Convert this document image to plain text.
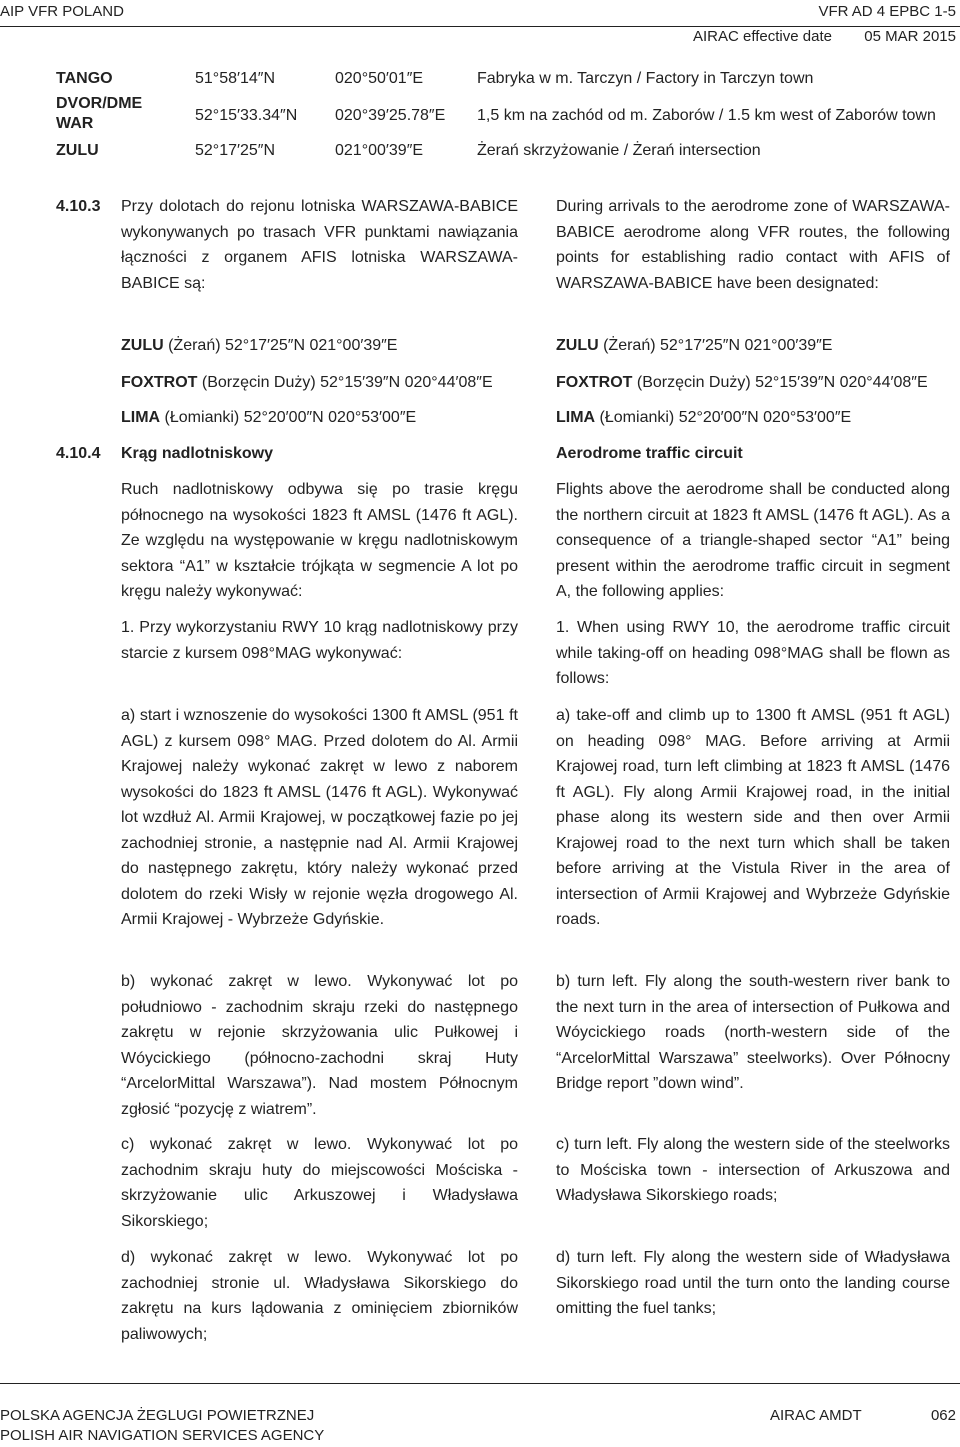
AIP VFR POLAND	VFR AD 4 EPBC 1-5
AIRAC effective date 05 MAR 2015
TANGO	51°58′14″N	020°50′01″E	Fabryka w m. Tarczyn / Factory in Tarczyn town
DVOR/DME WAR	52°15′33.34″N 020°39′25.78″E 1,5 km na zachód od m. Zaborów / 1.5 km west of Zaborów town
ZULU	52°17′25″N	021°00′39″E	Żerań skrzyżowanie / Żerań intersection
4.10.3 Przy dolotach do rejonu lotniska WARSZAWA-BABICE wykonywanych po trasach VFR punktami nawiązania łączności z organem AFIS lotniska WARSZAWA-BABICE są:
During arrivals to the aerodrome zone of WARSZAWA-BABICE aerodrome along VFR routes, the following points for establishing radio contact with AFIS of WARSZAWA-BABICE have been designated:
ZULU (Żerań) 52°17′25″N 021°00′39″E
FOXTROT (Borzęcin Duży) 52°15′39″N 020°44′08″E
LIMA (Łomianki) 52°20′00″N 020°53′00″E
ZULU (Żerań) 52°17′25″N 021°00′39″E
FOXTROT (Borzęcin Duży) 52°15′39″N 020°44′08″E
LIMA (Łomianki) 52°20′00″N 020°53′00″E
4.10.4 Krąg nadlotniskowy	Aerodrome traffic circuit
Ruch nadlotniskowy odbywa się po trasie kręgu północnego na wysokości 1823 ft AMSL (1476 ft AGL). Ze względu na występowanie w kręgu nadlotniskowym sektora “A1” w kształcie trójkąta w segmencie A lot po kręgu należy wykonywać:
Flights above the aerodrome shall be conducted along the northern circuit at 1823 ft AMSL (1476 ft AGL). As a consequence of a triangle-shaped sector “A1” being present within the aerodrome traffic circuit in segment A, the following applies:
1. Przy wykorzystaniu RWY 10 krąg nadlotniskowy przy starcie z kursem 098°MAG wykonywać:
1. When using RWY 10, the aerodrome traffic circuit while taking-off on heading 098°MAG shall be flown as follows:
a) start i wznoszenie do wysokości 1300 ft AMSL (951 ft AGL) z kursem 098° MAG. Przed dolotem do Al. Armii Krajowej należy wykonać zakręt w lewo z naborem wysokości do 1823 ft AMSL (1476 ft AGL). Wykonywać lot wzdłuż Al. Armii Krajowej, w początkowej fazie po jej zachodniej stronie, a następnie nad Al. Armii Krajowej do następnego zakrętu, który należy wykonać przed dolotem do rzeki Wisły w rejonie węzła drogowego Al. Armii Krajowej - Wybrzeże Gdyńskie.
a) take-off and climb up to 1300 ft AMSL (951 ft AGL) on heading 098° MAG. Before arriving at Armii Krajowej road, turn left climbing at 1823 ft AMSL (1476 ft AGL). Fly along Armii Krajowej road, in the initial phase along its western side and then over Armii Krajowej road to the next turn which shall be taken before arriving at the Vistula River in the area of intersection of Armii Krajowej and Wybrzeże Gdyńskie roads.
b) wykonać zakręt w lewo. Wykonywać lot po południowo - zachodnim skraju rzeki do następnego zakrętu w rejonie skrzyżowania ulic Pułkowej i Wóycickiego (północno-zachodni skraj Huty “ArcelorMittal Warszawa”). Nad mostem Północnym zgłosić “pozycję z wiatrem”.
b) turn left. Fly along the south-western river bank to the next turn in the area of intersection of Pułkowa and Wóycickiego roads (north-western side of the “ArcelorMittal Warszawa” steelworks). Over Północny Bridge report ”down wind”.
c) wykonać zakręt w lewo. Wykonywać lot po zachodnim skraju huty do miejscowości Mościska - skrzyżowanie ulic Arkuszowej i Władysława Sikorskiego;
c) turn left. Fly along the western side of the steelworks to Mościska town - intersection of Arkuszowa and Władysława Sikorskiego roads;
d) wykonać zakręt w lewo. Wykonywać lot po zachodniej stronie ul. Władysława Sikorskiego do zakrętu na kurs lądowania z ominięciem zbiorników paliwowych;
d) turn left. Fly along the western side of Władysława Sikorskiego road until the turn onto the landing course omitting the fuel tanks;
POLSKA AGENCJA ŻEGLUGI POWIETRZNEJ
POLISH AIR NAVIGATION SERVICES AGENCY
AIRAC AMDT	062
